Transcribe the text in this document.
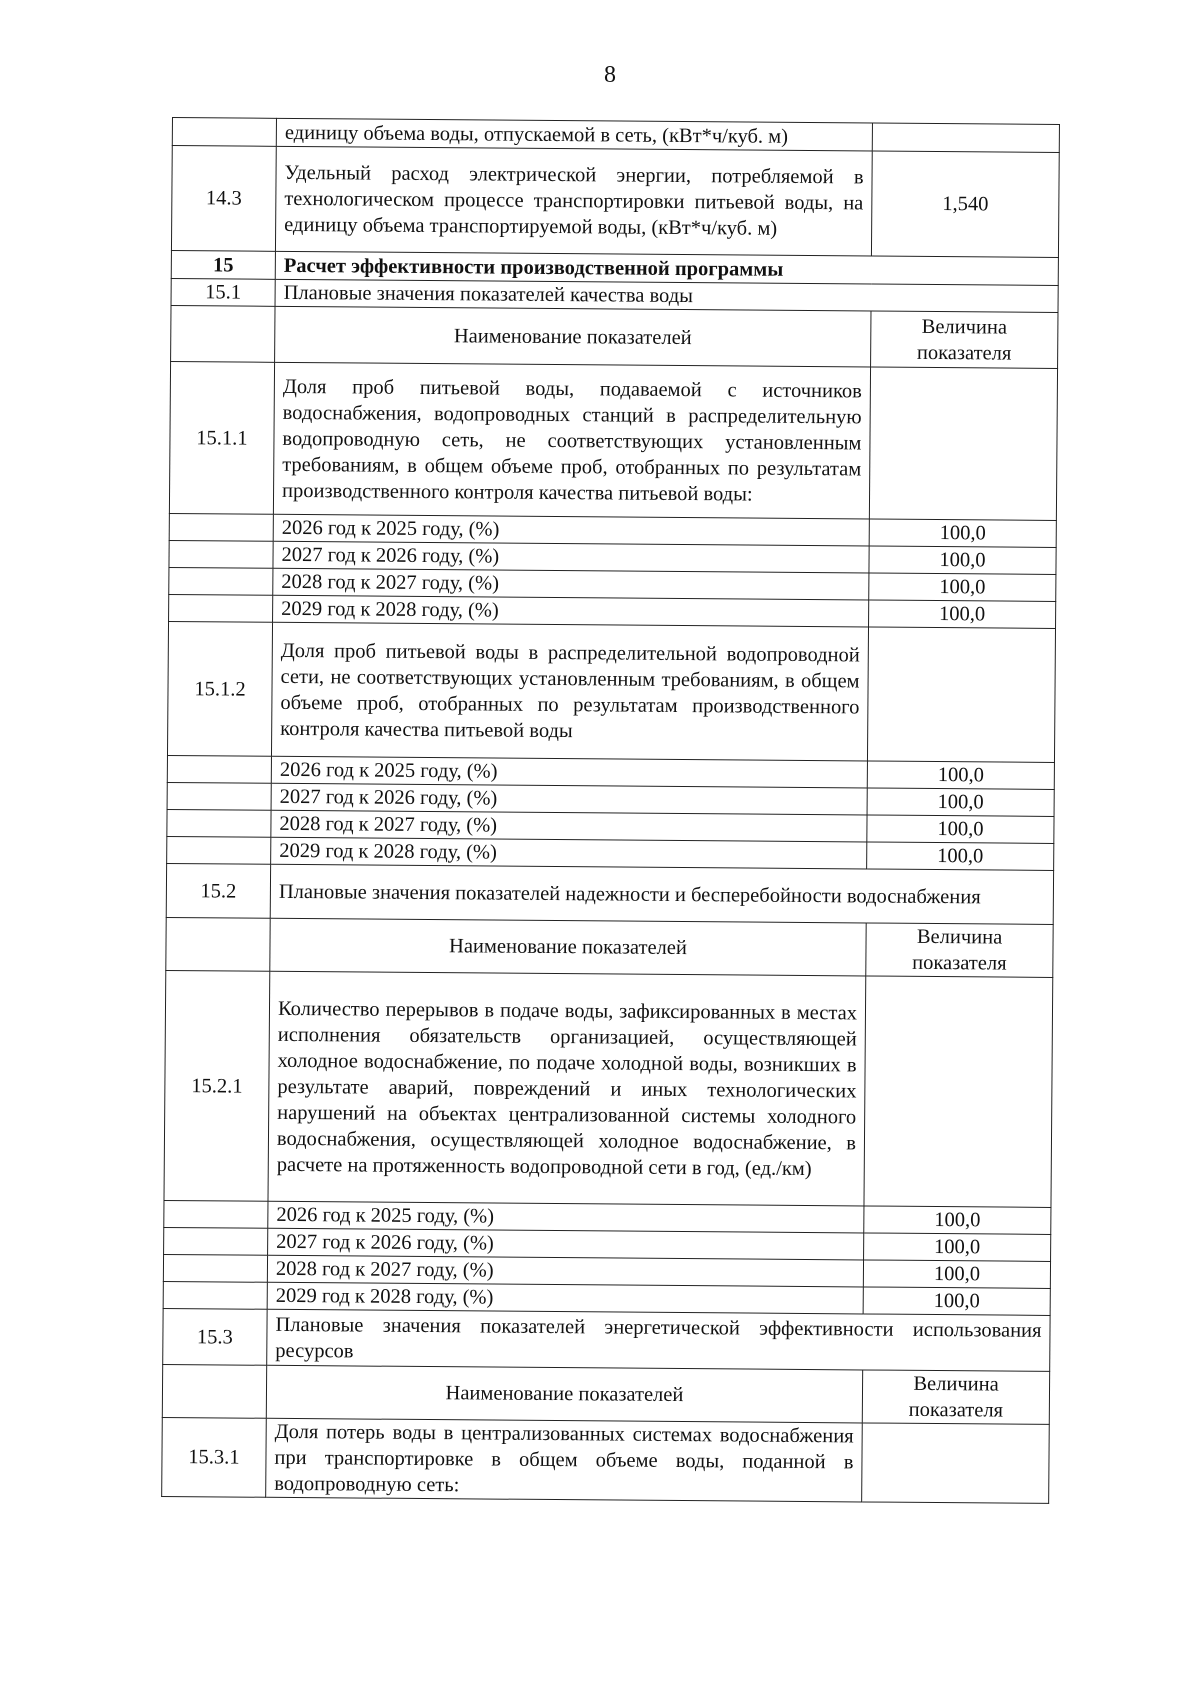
8
	единицу объема воды, отпускаемой в сеть, (кВт*ч/куб. м)	
14.3	Удельный расход электрической энергии, потребляемой в технологическом процессе транспортировки питьевой воды, на единицу объема транспортируемой воды, (кВт*ч/куб. м)	1,540
15	Расчет эффективности производственной программы	
15.1	Плановые значения показателей качества воды	
	Наименование показателей	Величина показателя
15.1.1	Доля проб питьевой воды, подаваемой с источников водоснабжения, водопроводных станций в распределительную водопроводную сеть, не соответствующих установленным требованиям, в общем объеме проб, отобранных по результатам производственного контроля качества питьевой воды:	
	2026 год к 2025 году, (%)	100,0
	2027 год к 2026 году, (%)	100,0
	2028 год к 2027 году, (%)	100,0
	2029 год к 2028 году, (%)	100,0
15.1.2	Доля проб питьевой воды в распределительной водопроводной сети, не соответствующих установленным требованиям, в общем объеме проб, отобранных по результатам производственного контроля качества питьевой воды	
	2026 год к 2025 году, (%)	100,0
	2027 год к 2026 году, (%)	100,0
	2028 год к 2027 году, (%)	100,0
	2029 год к 2028 году, (%)	100,0
15.2	Плановые значения показателей надежности и бесперебойности водоснабжения	
	Наименование показателей	Величина показателя
15.2.1	Количество перерывов в подаче воды, зафиксированных в местах исполнения обязательств организацией, осуществляющей холодное водоснабжение, по подаче холодной воды, возникших в результате аварий, повреждений и иных технологических нарушений на объектах централизованной системы холодного водоснабжения, осуществляющей холодное водоснабжение, в расчете на протяженность водопроводной сети в год, (ед./км)	
	2026 год к 2025 году, (%)	100,0
	2027 год к 2026 году, (%)	100,0
	2028 год к 2027 году, (%)	100,0
	2029 год к 2028 году, (%)	100,0
15.3	Плановые значения показателей энергетической эффективности использования ресурсов	
	Наименование показателей	Величина показателя
15.3.1	Доля потерь воды в централизованных системах водоснабжения при транспортировке в общем объеме воды, поданной в водопроводную сеть:	
